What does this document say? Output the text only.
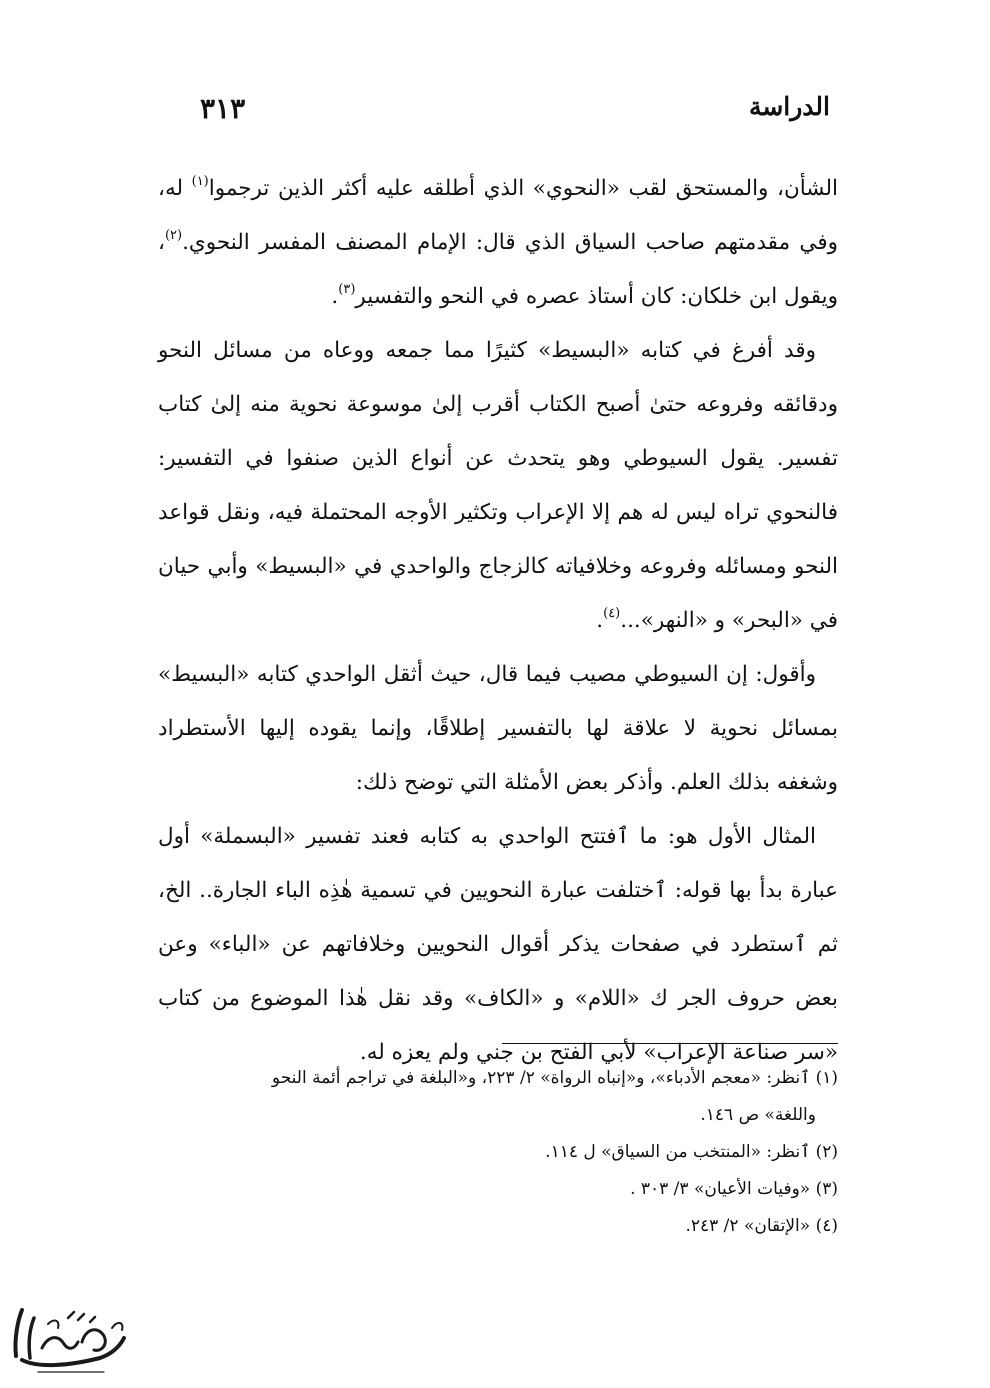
الدراسة
٣١٣

الشأن، والمستحق لقب «النحوي» الذي أطلقه عليه أكثر الذين ترجموا$^{(١)}$ له، وفي مقدمتهم صاحب السياق الذي قال: الإمام المصنف المفسر النحوي.$^{(٢)}$، ويقول ابن خلكان: كان أستاذ عصره في النحو والتفسير$^{(٣)}$.

وقد أفرغ في كتابه «البسيط» كثيرًا مما جمعه ووعاه من مسائل النحو ودقائقه وفروعه حتىٰ أصبح الكتاب أقرب إلىٰ موسوعة نحوية منه إلىٰ كتاب تفسير. يقول السيوطي وهو يتحدث عن أنواع الذين صنفوا في التفسير: فالنحوي تراه ليس له هم إلا الإعراب وتكثير الأوجه المحتملة فيه، ونقل قواعد النحو ومسائله وفروعه وخلافياته كالزجاج والواحدي في «البسيط» وأبي حيان في «البحر» و «النهر»...$^{(٤)}$.

وأقول: إن السيوطي مصيب فيما قال، حيث أثقل الواحدي كتابه «البسيط» بمسائل نحوية لا علاقة لها بالتفسير إطلاقًا، وإنما يقوده إليها الأستطراد وشغفه بذلك العلم. وأذكر بعض الأمثلة التي توضح ذلك:

المثال الأول هو: ما ٱفتتح الواحدي به كتابه فعند تفسير «البسملة» أول عبارة بدأ بها قوله: ٱختلفت عبارة النحويين في تسمية هٰذِه الباء الجارة.. الخ، ثم ٱستطرد في صفحات يذكر أقوال النحويين وخلافاتهم عن «الباء» وعن بعض حروف الجر ك «اللام» و «الكاف» وقد نقل هٰذا الموضوع من كتاب «سر صناعة الإعراب» لأبي الفتح بن جني ولم يعزه له.

(١) ٱنظر: «معجم الأدباء»، و«إنباه الرواة» ٢/ ٢٢٣، و«البلغة في تراجم أئمة النحو

واللغة» ص ١٤٦.

(٢) ٱنظر: «المنتخب من السياق» ل ١١٤.

(٣) «وفيات الأعيان» ٣/ ٣٠٣ .

(٤) «الإتقان» ٢/ ٢٤٣.
